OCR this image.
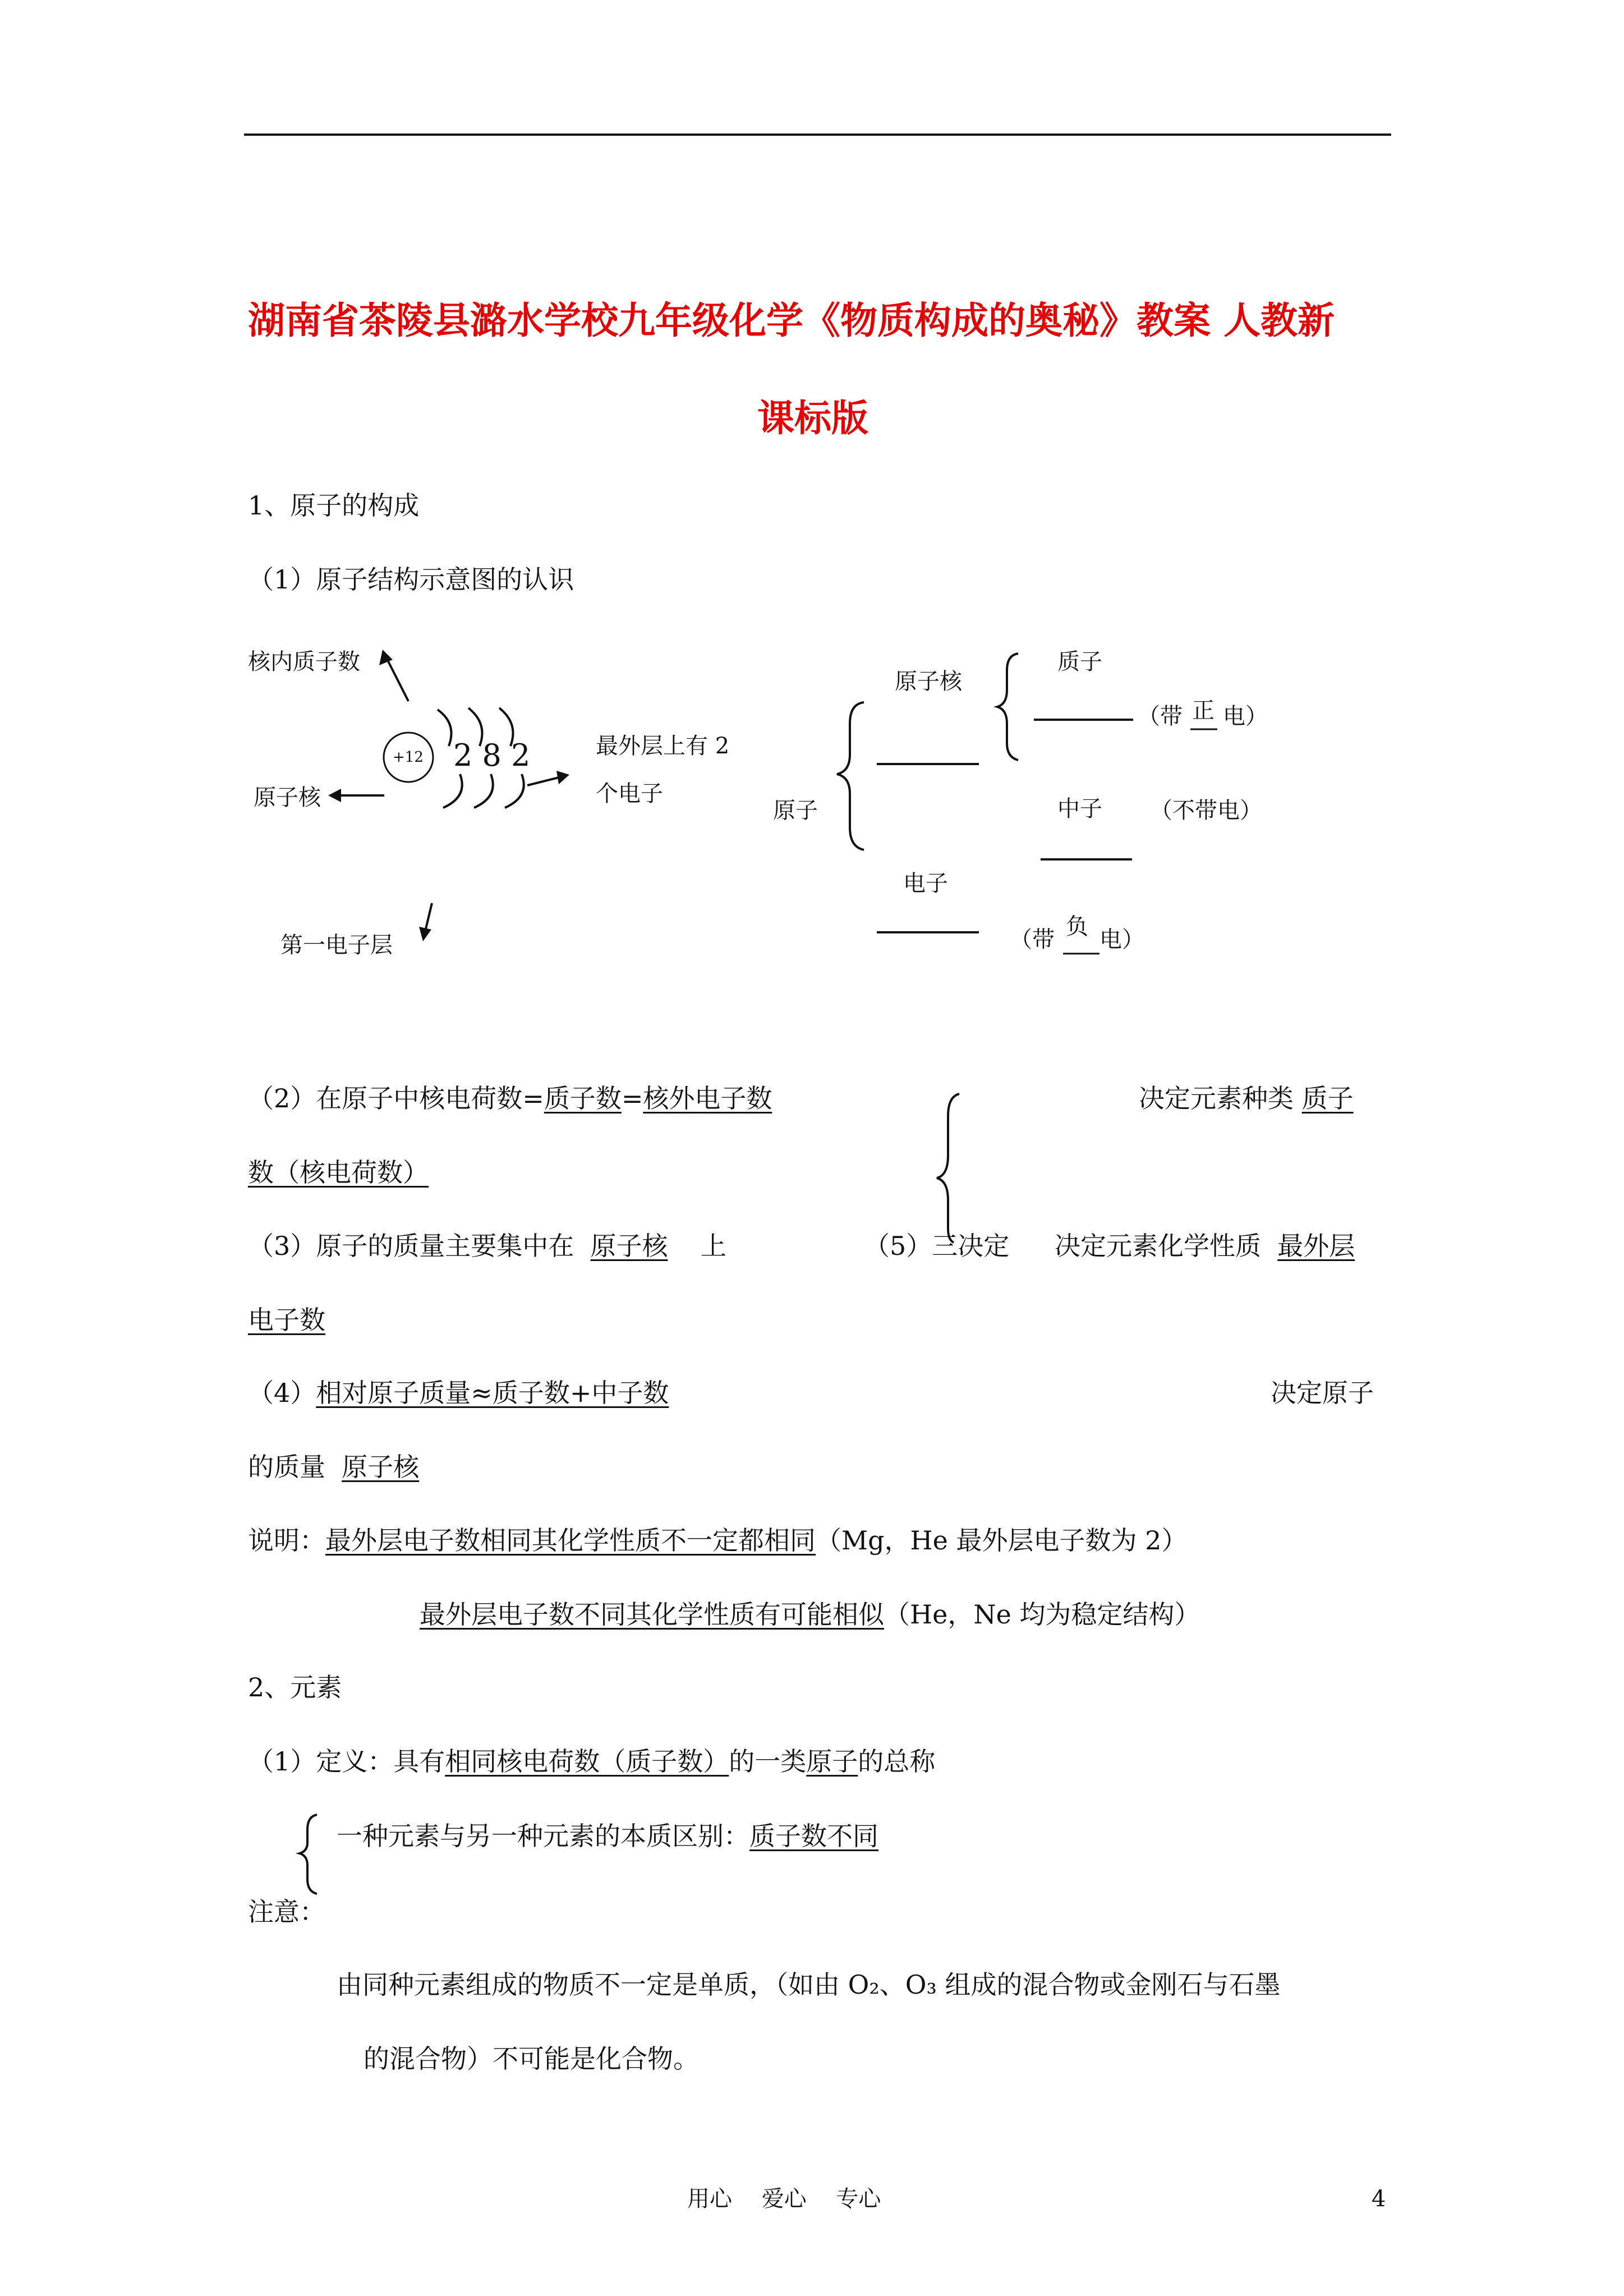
湖南省茶陵县潞水学校九年级化学《物质构成的奥秘》教案 人教新
课标版
1、原子的构成
（1）原子结构示意图的认识
+12 2 8 2
核内质子数
原子核
最外层上有 2
个电子
第一电子层
原子
原子核
质子
（带 正 电）
中子 （不带电）
电子
（带 负 电）
（2）在原子中核电荷数=质子数=核外电子数	决定元素种类 质子
数（核电荷数）
（3）原子的质量主要集中在 原子核 上	（5）三决定 决定元素化学性质 最外层
电子数
（4）相对原子质量≈质子数+中子数	决定原子
的质量 原子核
说明：最外层电子数相同其化学性质不一定都相同（Mg，He 最外层电子数为 2）
最外层电子数不同其化学性质有可能相似（He，Ne 均为稳定结构）
2、元素
（1）定义：具有相同核电荷数（质子数）的一类原子的总称
一种元素与另一种元素的本质区别：质子数不同
注意：
由同种元素组成的物质不一定是单质，（如由 O₂、O₃ 组成的混合物或金刚石与石墨
的混合物）不可能是化合物。
用心　 爱心　 专心	4
